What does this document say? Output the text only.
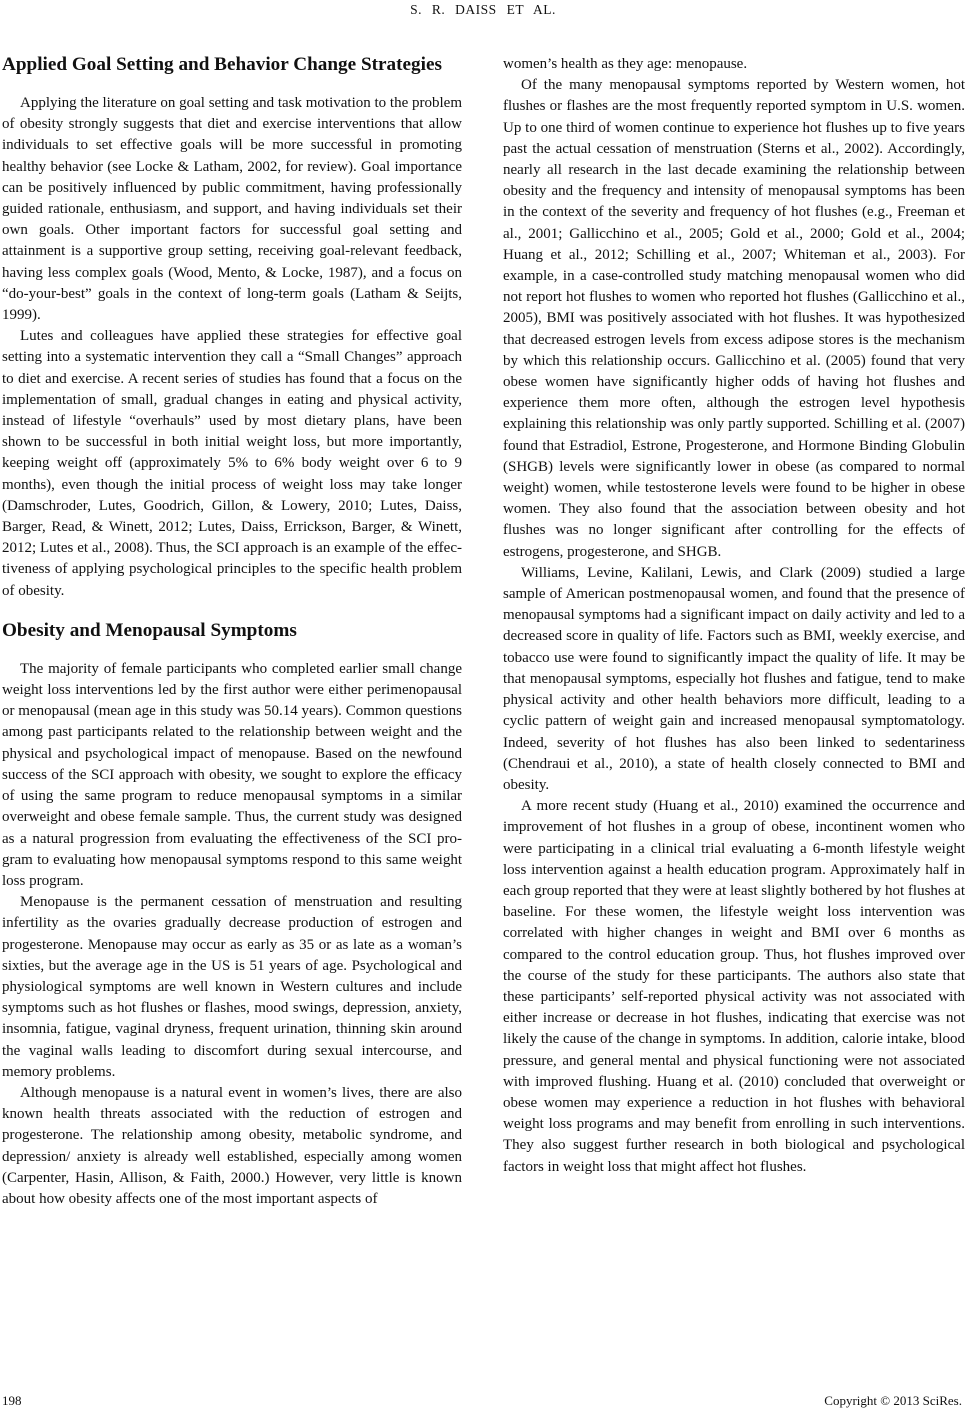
S. R. DAISS ET AL.
Applied Goal Setting and Behavior Change Strategies

Applying the literature on goal setting and task motivation to the problem of obesity strongly suggests that diet and exercise interventions that allow individuals to set effective goals will be more successful in promoting healthy behavior (see Locke & Latham, 2002, for review). Goal importance can be positively influenced by public commitment, having professionally guided rationale, enthusiasm, and support, and having individuals set their own goals. Other important factors for successful goal setting and attainment is a supportive group setting, receiving goal-relevant feedback, having less complex goals (Wood, Mento, & Locke, 1987), and a focus on “do-your-best” goals in the context of long-term goals (Latham & Seijts, 1999).

Lutes and colleagues have applied these strategies for effective goal setting into a systematic intervention they call a “Small Changes” approach to diet and exercise. A recent series of studies has found that a focus on the implementation of small, gradual changes in eating and physical activity, instead of lifestyle “overhauls” used by most dietary plans, have been shown to be successful in both initial weight loss, but more importantly, keeping weight off (approximately 5% to 6% body weight over 6 to 9 months), even though the initial process of weight loss may take longer (Damschroder, Lutes, Goodrich, Gillon, & Lowery, 2010; Lutes, Daiss, Barger, Read, & Winett, 2012; Lutes, Daiss, Errickson, Barger, & Winett, 2012; Lutes et al., 2008). Thus, the SCI approach is an example of the effectiveness of applying psychological principles to the specific health problem of obesity.

Obesity and Menopausal Symptoms

The majority of female participants who completed earlier small change weight loss interventions led by the first author were either perimenopausal or menopausal (mean age in this study was 50.14 years). Common questions among past participants related to the relationship between weight and the physical and psychological impact of menopause. Based on the newfound success of the SCI approach with obesity, we sought to explore the efficacy of using the same program to reduce menopausal symptoms in a similar overweight and obese female sample. Thus, the current study was designed as a natural progression from evaluating the effectiveness of the SCI program to evaluating how menopausal symptoms respond to this same weight loss program.

Menopause is the permanent cessation of menstruation and resulting infertility as the ovaries gradually decrease production of estrogen and progesterone. Menopause may occur as early as 35 or as late as a woman’s sixties, but the average age in the US is 51 years of age. Psychological and physiological symptoms are well known in Western cultures and include symptoms such as hot flushes or flashes, mood swings, depression, anxiety, insomnia, fatigue, vaginal dryness, frequent urination, thinning skin around the vaginal walls leading to discomfort during sexual intercourse, and memory problems.

Although menopause is a natural event in women’s lives, there are also known health threats associated with the reduction of estrogen and progesterone. The relationship among obesity, metabolic syndrome, and depression/ anxiety is already well established, especially among women (Carpenter, Hasin, Allison, & Faith, 2000.) However, very little is known about how obesity affects one of the most important aspects of

women’s health as they age: menopause.

Of the many menopausal symptoms reported by Western women, hot flushes or flashes are the most frequently reported symptom in U.S. women. Up to one third of women continue to experience hot flushes up to five years past the actual cessation of menstruation (Sterns et al., 2002). Accordingly, nearly all research in the last decade examining the relationship between obesity and the frequency and intensity of menopausal symptoms has been in the context of the severity and frequency of hot flushes (e.g., Freeman et al., 2001; Gallicchino et al., 2005; Gold et al., 2000; Gold et al., 2004; Huang et al., 2012; Schilling et al., 2007; Whiteman et al., 2003). For example, in a case-controlled study matching menopausal women who did not report hot flushes to women who reported hot flushes (Gallicchino et al., 2005), BMI was positively associated with hot flushes. It was hypothesized that decreased estrogen levels from excess adipose stores is the mechanism by which this relationship occurs. Gallicchino et al. (2005) found that very obese women have significantly higher odds of having hot flushes and experience them more often, although the estrogen level hypothesis explaining this relationship was only partly supported. Schilling et al. (2007) found that Estradiol, Estrone, Progesterone, and Hormone Binding Globulin (SHGB) levels were significantly lower in obese (as compared to normal weight) women, while testosterone levels were found to be higher in obese women. They also found that the association between obesity and hot flushes was no longer significant after controlling for the effects of estrogens, progesterone, and SHGB.

Williams, Levine, Kalilani, Lewis, and Clark (2009) studied a large sample of American postmenopausal women, and found that the presence of menopausal symptoms had a significant impact on daily activity and led to a decreased score in quality of life. Factors such as BMI, weekly exercise, and tobacco use were found to significantly impact the quality of life. It may be that menopausal symptoms, especially hot flushes and fatigue, tend to make physical activity and other health behaviors more difficult, leading to a cyclic pattern of weight gain and increased menopausal symptomatology. Indeed, severity of hot flushes has also been linked to sedentariness (Chendraui et al., 2010), a state of health closely connected to BMI and obesity.

A more recent study (Huang et al., 2010) examined the occurrence and improvement of hot flushes in a group of obese, incontinent women who were participating in a clinical trial evaluating a 6-month lifestyle weight loss intervention against a health education program. Approximately half in each group reported that they were at least slightly bothered by hot flushes at baseline. For these women, the lifestyle weight loss intervention was correlated with higher changes in weight and BMI over 6 months as compared to the control education group. Thus, hot flushes improved over the course of the study for these participants. The authors also state that these participants’ self-reported physical activity was not associated with either increase or decrease in hot flushes, indicating that exercise was not likely the cause of the change in symptoms. In addition, calorie intake, blood pressure, and general mental and physical functioning were not associated with improved flushing. Huang et al. (2010) concluded that overweight or obese women may experience a reduction in hot flushes with behavioral weight loss programs and may benefit from enrolling in such interventions. They also suggest further research in both biological and psychological factors in weight loss that might affect hot flushes.

198	Copyright © 2013 SciRes.
